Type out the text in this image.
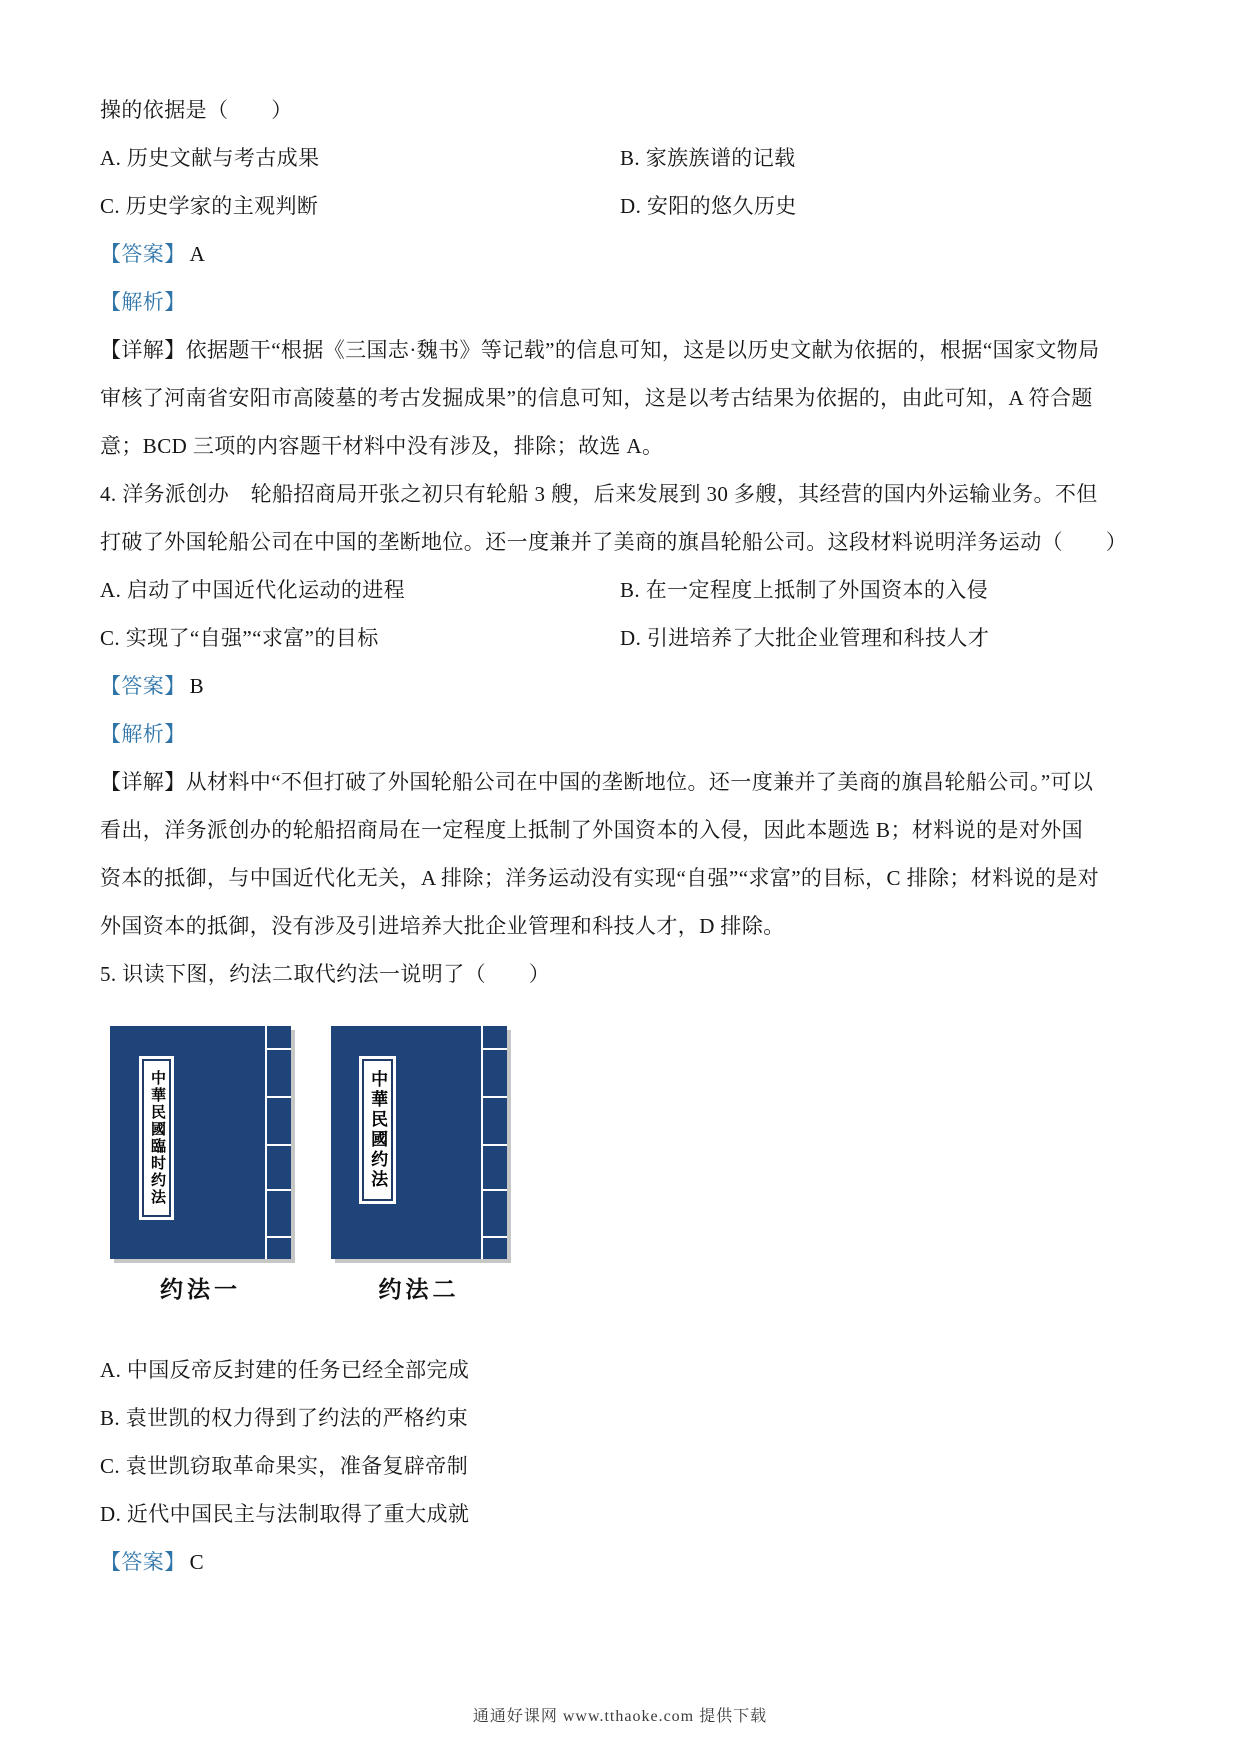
操的依据是（　　）
A. 历史文献与考古成果	B. 家族族谱的记载
C. 历史学家的主观判断	D. 安阳的悠久历史
【答案】 A
【解析】
【详解】依据题干“根据《三国志·魏书》等记载”的信息可知，这是以历史文献为依据的，根据“国家文物局
审核了河南省安阳市高陵墓的考古发掘成果”的信息可知，这是以考古结果为依据的，由此可知，A 符合题
意；BCD 三项的内容题干材料中没有涉及，排除；故选 A。
4. 洋务派创办　轮船招商局开张之初只有轮船 3 艘，后来发展到 30 多艘，其经营的国内外运输业务。不但
打破了外国轮船公司在中国的垄断地位。还一度兼并了美商的旗昌轮船公司。这段材料说明洋务运动（　　）
A. 启动了中国近代化运动的进程	B. 在一定程度上抵制了外国资本的入侵
C. 实现了“自强”“求富”的目标	D. 引进培养了大批企业管理和科技人才
【答案】 B
【解析】
【详解】从材料中“不但打破了外国轮船公司在中国的垄断地位。还一度兼并了美商的旗昌轮船公司。”可以
看出，洋务派创办的轮船招商局在一定程度上抵制了外国资本的入侵，因此本题选 B；材料说的是对外国
资本的抵御，与中国近代化无关，A 排除；洋务运动没有实现“自强”“求富”的目标，C 排除；材料说的是对
外国资本的抵御，没有涉及引进培养大批企业管理和科技人才，D 排除。
5. 识读下图，约法二取代约法一说明了（　　）
中華民國臨时约法	中華民國约法
约法一	约法二
A. 中国反帝反封建的任务已经全部完成
B. 袁世凯的权力得到了约法的严格约束
C. 袁世凯窃取革命果实，准备复辟帝制
D. 近代中国民主与法制取得了重大成就
【答案】 C
通通好课网 www.tthaoke.com 提供下载
